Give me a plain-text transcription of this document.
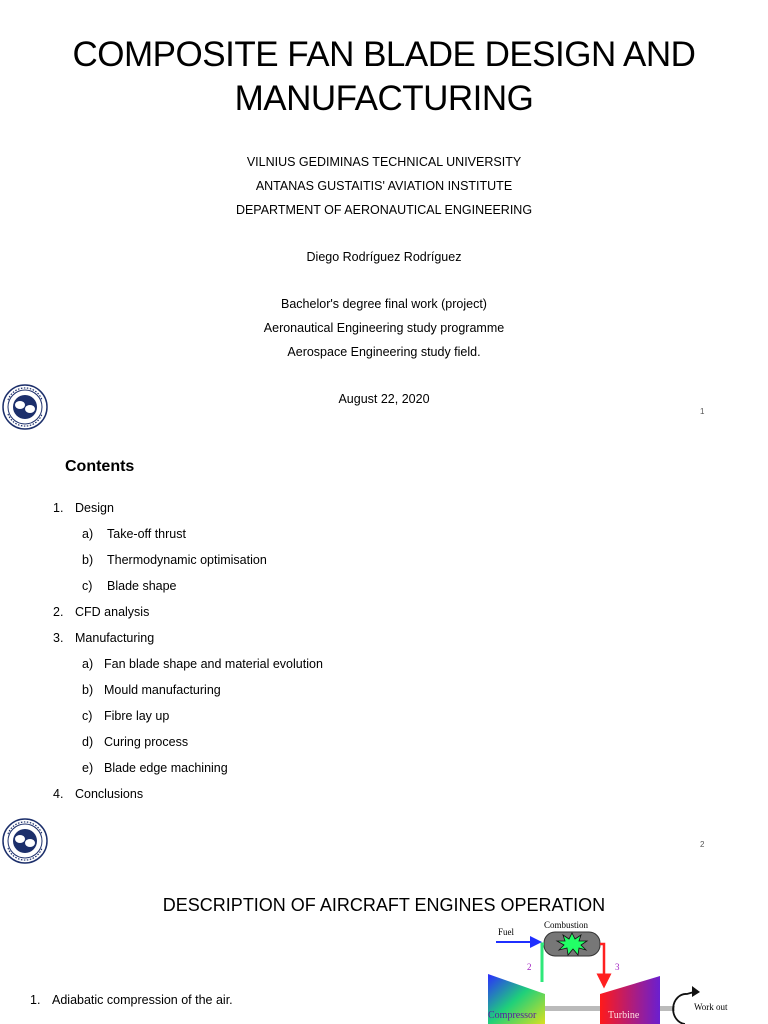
COMPOSITE FAN BLADE DESIGN AND
MANUFACTURING
VILNIUS GEDIMINAS TECHNICAL UNIVERSITY
ANTANAS GUSTAITIS' AVIATION INSTITUTE
DEPARTMENT OF AERONAUTICAL ENGINEERING
Diego Rodríguez Rodríguez
Bachelor's degree final work (project)
Aeronautical Engineering study programme
Aerospace Engineering study field.
August 22, 2020
1
Contents
1. Design
a) Take-off thrust
b) Thermodynamic optimisation
c) Blade shape
2. CFD analysis
3. Manufacturing
a) Fan blade shape and material evolution
b) Mould manufacturing
c) Fibre lay up
d) Curing process
e) Blade edge machining
4. Conclusions
2
DESCRIPTION OF AIRCRAFT ENGINES OPERATION
1. Adiabatic compression of the air.
Fuel
Combustion
2	3
Compressor	Turbine
Work out
